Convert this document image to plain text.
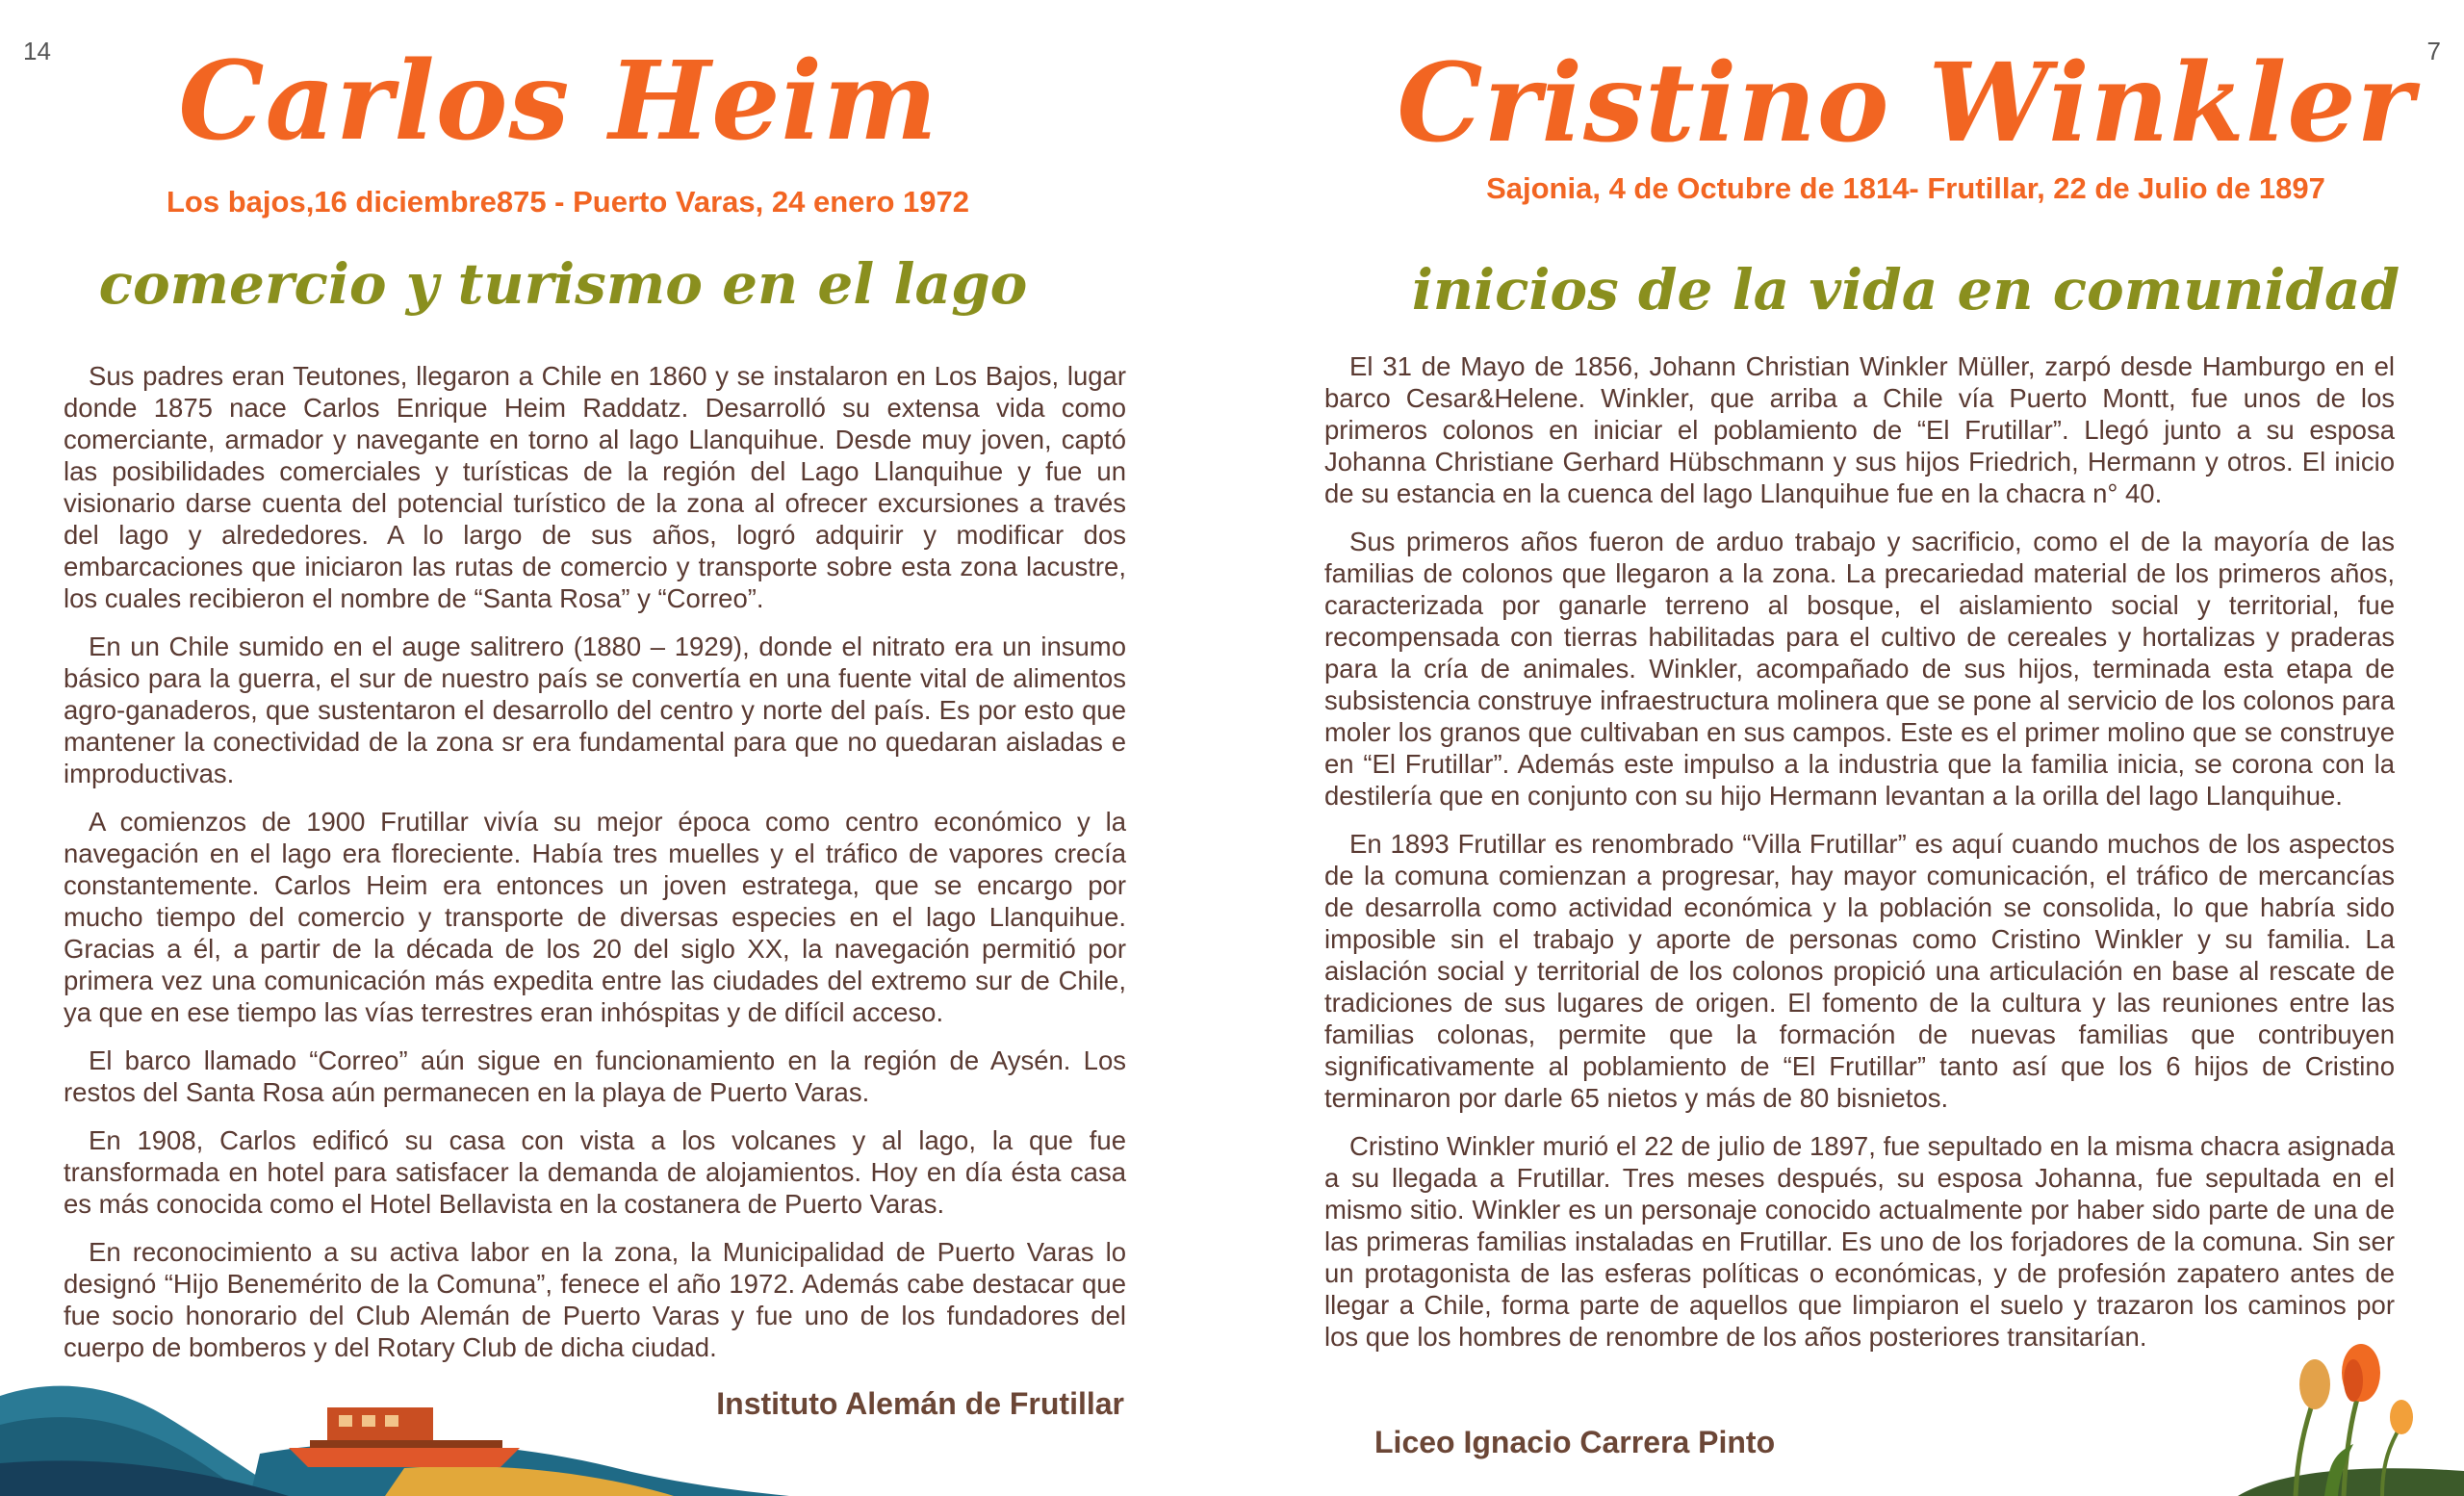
14	Carlos Heim
Los bajos,16 diciembre875 - Puerto Varas, 24 enero 1972
comercio y turismo en el lago

Sus padres eran Teutones, llegaron a Chile en 1860 y se instalaron en Los Bajos, lugar donde 1875 nace Carlos Enrique Heim Raddatz. Desarrolló su extensa vida como comerciante, armador y navegante en torno al lago Llanquihue. Desde muy joven, captó las posibilidades comerciales y turísticas de la región del Lago Llanquihue y fue un visionario darse cuenta del potencial turístico de la zona al ofrecer excursiones a través del lago y alrededores. A lo largo de sus años, logró adquirir y modificar dos embarcaciones que iniciaron las rutas de comercio y transporte sobre esta zona lacustre, los cuales recibieron el nombre de “Santa Rosa” y “Correo”.

En un Chile sumido en el auge salitrero (1880 – 1929), donde el nitrato era un insumo básico para la guerra, el sur de nuestro país se convertía en una fuente vital de alimentos agro-ganaderos, que sustentaron el desarrollo del centro y norte del país. Es por esto que mantener la conectividad de la zona sr era fundamental para que no quedaran aisladas e improductivas.

A comienzos de 1900 Frutillar vivía su mejor época como centro económico y la navegación en el lago era floreciente. Había tres muelles y el tráfico de vapores crecía constantemente. Carlos Heim era entonces un joven estratega, que se encargo por mucho tiempo del comercio y transporte de diversas especies en el lago Llanquihue. Gracias a él, a partir de la década de los 20 del siglo XX, la navegación permitió por primera vez una comunicación más expedita entre las ciudades del extremo sur de Chile, ya que en ese tiempo las vías terrestres eran inhóspitas y de difícil acceso.

El barco llamado “Correo” aún sigue en funcionamiento en la región de Aysén. Los restos del Santa Rosa aún permanecen en la playa de Puerto Varas.

En 1908, Carlos edificó su casa con vista a los volcanes y al lago, la que fue transformada en hotel para satisfacer la demanda de alojamientos. Hoy en día ésta casa es más conocida como el Hotel Bellavista en la costanera de Puerto Varas.

En reconocimiento a su activa labor en la zona, la Municipalidad de Puerto Varas lo designó “Hijo Benemérito de la Comuna”, fenece el año 1972. Además cabe destacar que fue socio honorario del Club Alemán de Puerto Varas y fue uno de los fundadores del cuerpo de bomberos y del Rotary Club de dicha ciudad.

Instituto Alemán de Frutillar
7
Cristino Winkler
Sajonia, 4 de Octubre de 1814- Frutillar, 22 de Julio de 1897
inicios de la vida en comunidad

El 31 de Mayo de 1856, Johann Christian Winkler Müller, zarpó desde Hamburgo en el barco Cesar&Helene. Winkler, que arriba a Chile vía Puerto Montt, fue unos de los primeros colonos en iniciar el poblamiento de “El Frutillar”. Llegó junto a su esposa Johanna Christiane Gerhard Hübschmann y sus hijos Friedrich, Hermann y otros. El inicio de su estancia en la cuenca del lago Llanquihue fue en la chacra n° 40.

Sus primeros años fueron de arduo trabajo y sacrificio, como el de la mayoría de las familias de colonos que llegaron a la zona. La precariedad material de los primeros años, caracterizada por ganarle terreno al bosque, el aislamiento social y territorial, fue recompensada con tierras habilitadas para el cultivo de cereales y hortalizas y praderas para la cría de animales. Winkler, acompañado de sus hijos, terminada esta etapa de subsistencia construye infraestructura molinera que se pone al servicio de los colonos para moler los granos que cultivaban en sus campos. Este es el primer molino que se construye en “El Frutillar”. Además este impulso a la industria que la familia inicia, se corona con la destilería que en conjunto con su hijo Hermann levantan a la orilla del lago Llanquihue.

En 1893 Frutillar es renombrado “Villa Frutillar” es aquí cuando muchos de los aspectos de la comuna comienzan a progresar, hay mayor comunicación, el tráfico de mercancías de desarrolla como actividad económica y la población se consolida, lo que habría sido imposible sin el trabajo y aporte de personas como Cristino Winkler y su familia. La aislación social y territorial de los colonos propició una articulación en base al rescate de tradiciones de sus lugares de origen. El fomento de la cultura y las reuniones entre las familias colonas, permite que la formación de nuevas familias que contribuyen significativamente al poblamiento de “El Frutillar” tanto así que los 6 hijos de Cristino terminaron por darle 65 nietos y más de 80 bisnietos.

Cristino Winkler murió el 22 de julio de 1897, fue sepultado en la misma chacra asignada a su llegada a Frutillar. Tres meses después, su esposa Johanna, fue sepultada en el mismo sitio. Winkler es un personaje conocido actualmente por haber sido parte de una de las primeras familias instaladas en Frutillar. Es uno de los forjadores de la comuna. Sin ser un protagonista de las esferas políticas o económicas, y de profesión zapatero antes de llegar a Chile, forma parte de aquellos que limpiaron el suelo y trazaron los caminos por los que los hombres de renombre de los años posteriores transitarían.

Liceo Ignacio Carrera Pinto
